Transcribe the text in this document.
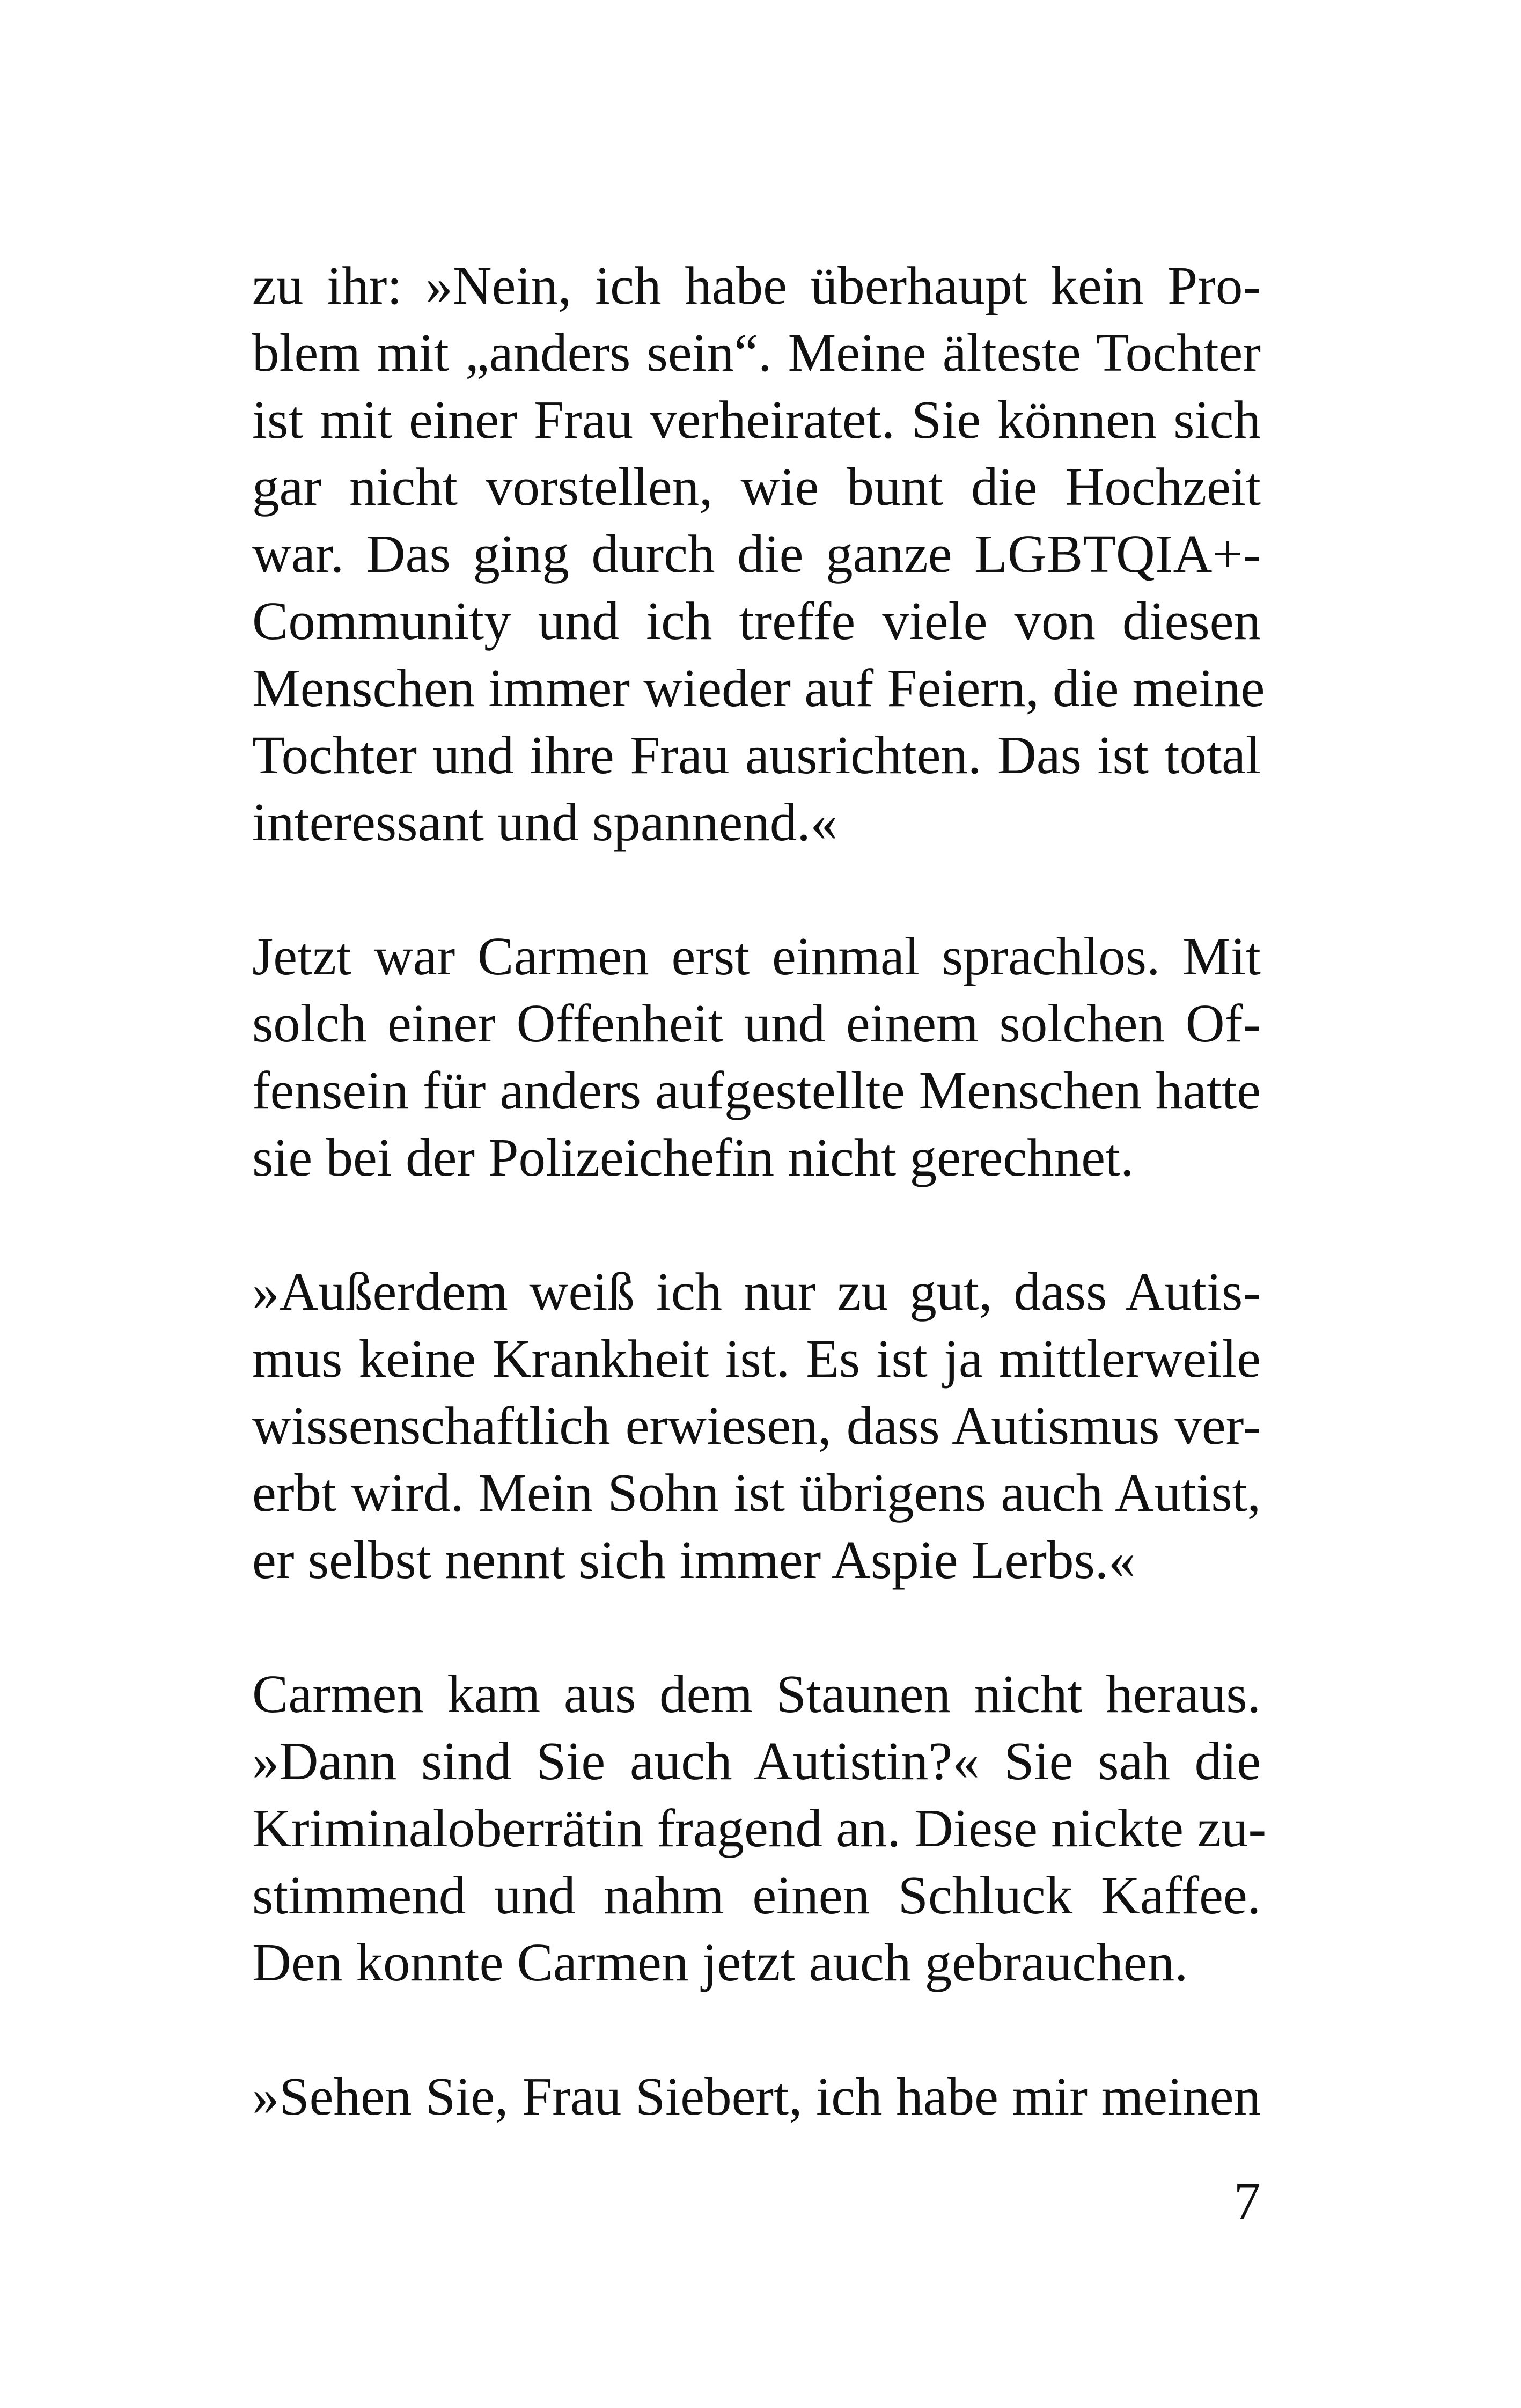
zu ihr: »Nein, ich habe überhaupt kein Pro-
blem mit „anders sein“. Meine älteste Tochter
ist mit einer Frau verheiratet. Sie können sich
gar nicht vorstellen, wie bunt die Hochzeit
war. Das ging durch die ganze LGBTQIA+-
Community und ich treffe viele von diesen
Menschen immer wieder auf Feiern, die meine
Tochter und ihre Frau ausrichten. Das ist total
interessant und spannend.«
Jetzt war Carmen erst einmal sprachlos. Mit
solch einer Offenheit und einem solchen Of-
fensein für anders aufgestellte Menschen hatte
sie bei der Polizeichefin nicht gerechnet.
»Außerdem weiß ich nur zu gut, dass Autis-
mus keine Krankheit ist. Es ist ja mittlerweile
wissenschaftlich erwiesen, dass Autismus ver-
erbt wird. Mein Sohn ist übrigens auch Autist,
er selbst nennt sich immer Aspie Lerbs.«
Carmen kam aus dem Staunen nicht heraus.
»Dann sind Sie auch Autistin?« Sie sah die
Kriminaloberrätin fragend an. Diese nickte zu-
stimmend und nahm einen Schluck Kaffee.
Den konnte Carmen jetzt auch gebrauchen.
»Sehen Sie, Frau Siebert, ich habe mir meinen
7
